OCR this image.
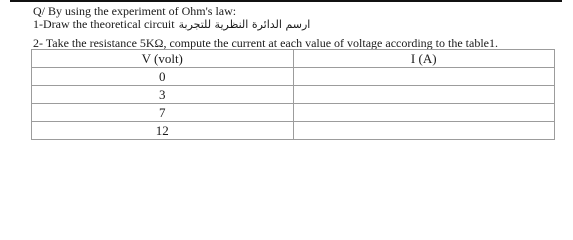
Q/ By using the experiment of Ohm's law:
1-Draw the theoretical circuit ارسم الدائرة النظرية للتجربة
2- Take the resistance 5KΩ, compute the current at each value of voltage according to the table1.
V (volt)	I (A)
0	
3	
7	
12	
